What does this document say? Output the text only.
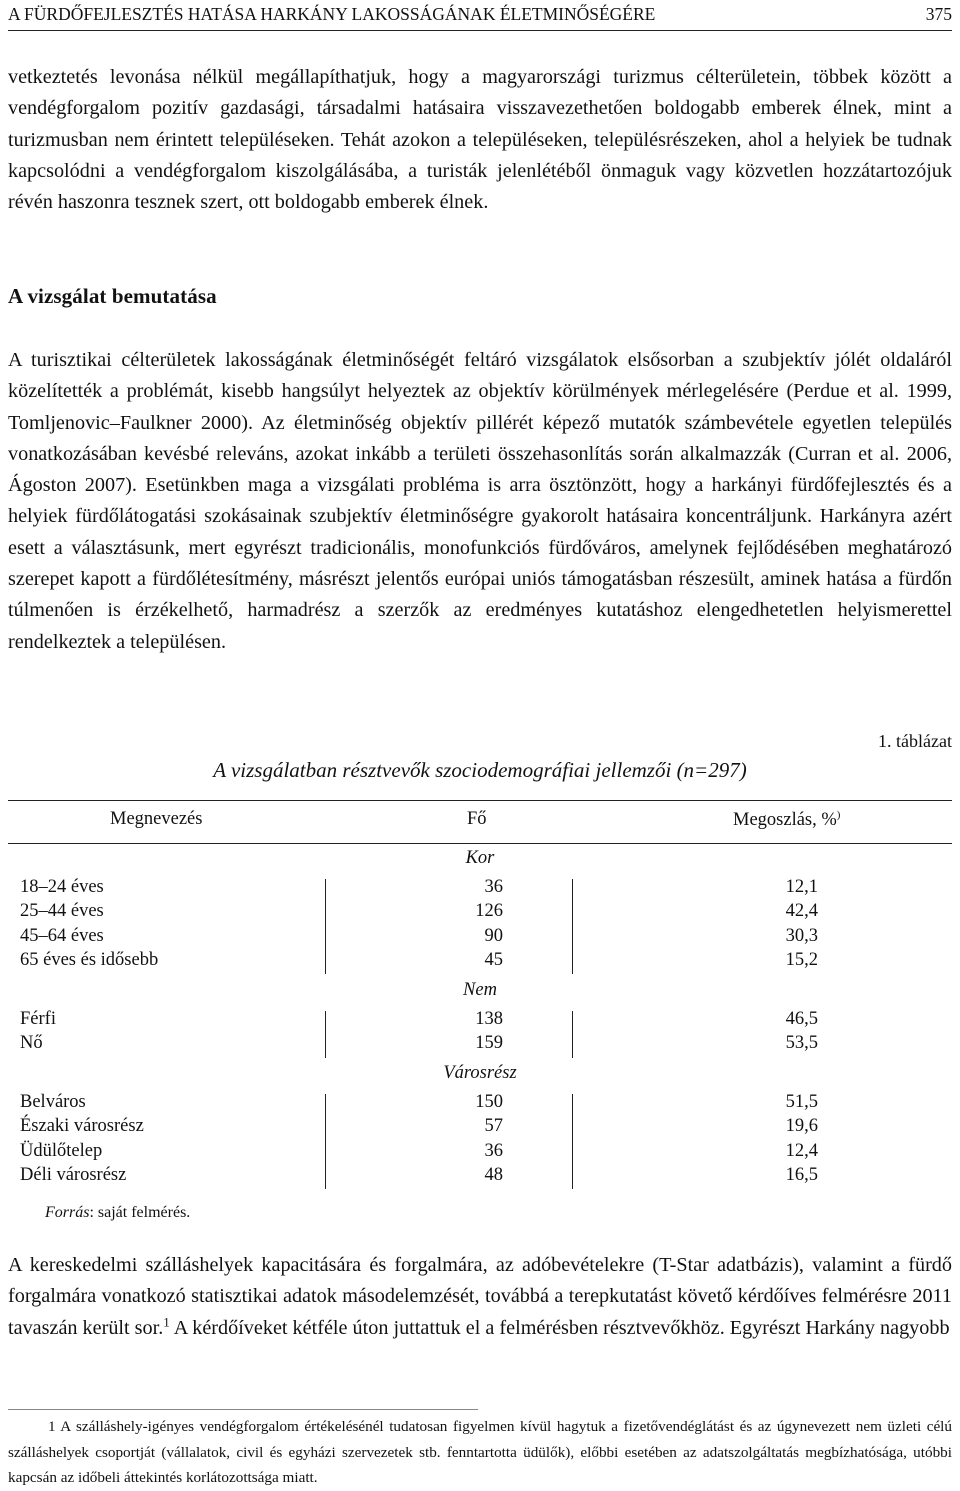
A FÜRDŐFEJLESZTÉS HATÁSA HARKÁNY LAKOSSÁGÁNAK ÉLETMINŐSÉGÉRE	375

vetkeztetés levonása nélkül megállapíthatjuk, hogy a magyarországi turizmus célterületein, többek között a vendégforgalom pozitív gazdasági, társadalmi hatásaira visszavezethetően boldogabb emberek élnek, mint a turizmusban nem érintett településeken. Tehát azokon a településeken, településrészeken, ahol a helyiek be tudnak kapcsolódni a vendégforgalom kiszolgálásába, a turisták jelenlétéből önmaguk vagy közvetlen hozzátartozójuk révén haszonra tesznek szert, ott boldogabb emberek élnek.

A vizsgálat bemutatása

A turisztikai célterületek lakosságának életminőségét feltáró vizsgálatok elsősorban a szubjektív jólét oldaláról közelítették a problémát, kisebb hangsúlyt helyeztek az objektív körülmények mérlegelésére (Perdue et al. 1999, Tomljenovic–Faulkner 2000). Az életminőség objektív pillérét képező mutatók számbevétele egyetlen település vonatkozásában kevésbé releváns, azokat inkább a területi összehasonlítás során alkalmazzák (Curran et al. 2006, Ágoston 2007). Esetünkben maga a vizsgálati probléma is arra ösztönzött, hogy a harkányi fürdőfejlesztés és a helyiek fürdőlátogatási szokásainak szubjektív életminőségre gyakorolt hatásaira koncentráljunk. Harkányra azért esett a választásunk, mert egyrészt tradicionális, monofunkciós fürdőváros, amelynek fejlődésében meghatározó szerepet kapott a fürdőlétesítmény, másrészt jelentős európai uniós támogatásban részesült, aminek hatása a fürdőn túlmenően is érzékelhető, harmadrész a szerzők az eredményes kutatáshoz elengedhetetlen helyismerettel rendelkeztek a településen.

1. táblázat
A vizsgálatban résztvevők szociodemográfiai jellemzői (n=297)
Megnevezés	Fő	Megoszlás, %)
Kor
18–24 éves	36	12,1
25–44 éves	126	42,4
45–64 éves	90	30,3
65 éves és idősebb	45	15,2
Nem
Férfi	138	46,5
Nő	159	53,5
Városrész
Belváros	150	51,5
Északi városrész	57	19,6
Üdülőtelep	36	12,4
Déli városrész	48	16,5
Forrás: saját felmérés.

A kereskedelmi szálláshelyek kapacitására és forgalmára, az adóbevételekre (T-Star adatbázis), valamint a fürdő forgalmára vonatkozó statisztikai adatok másodelemzését, továbbá a terepkutatást követő kérdőíves felmérésre 2011 tavaszán került sor.$^1$ A kérdőíveket kétféle úton juttattuk el a felmérésben résztvevőkhöz. Egyrészt Harkány nagyobb

1 A szálláshely-igényes vendégforgalom értékelésénél tudatosan figyelmen kívül hagytuk a fizetővendéglátást és az úgynevezett nem üzleti célú szálláshelyek csoportját (vállalatok, civil és egyházi szervezetek stb. fenntartotta üdülők), előbbi esetében az adatszolgáltatás megbízhatósága, utóbbi kapcsán az időbeli áttekintés korlátozottsága miatt.
